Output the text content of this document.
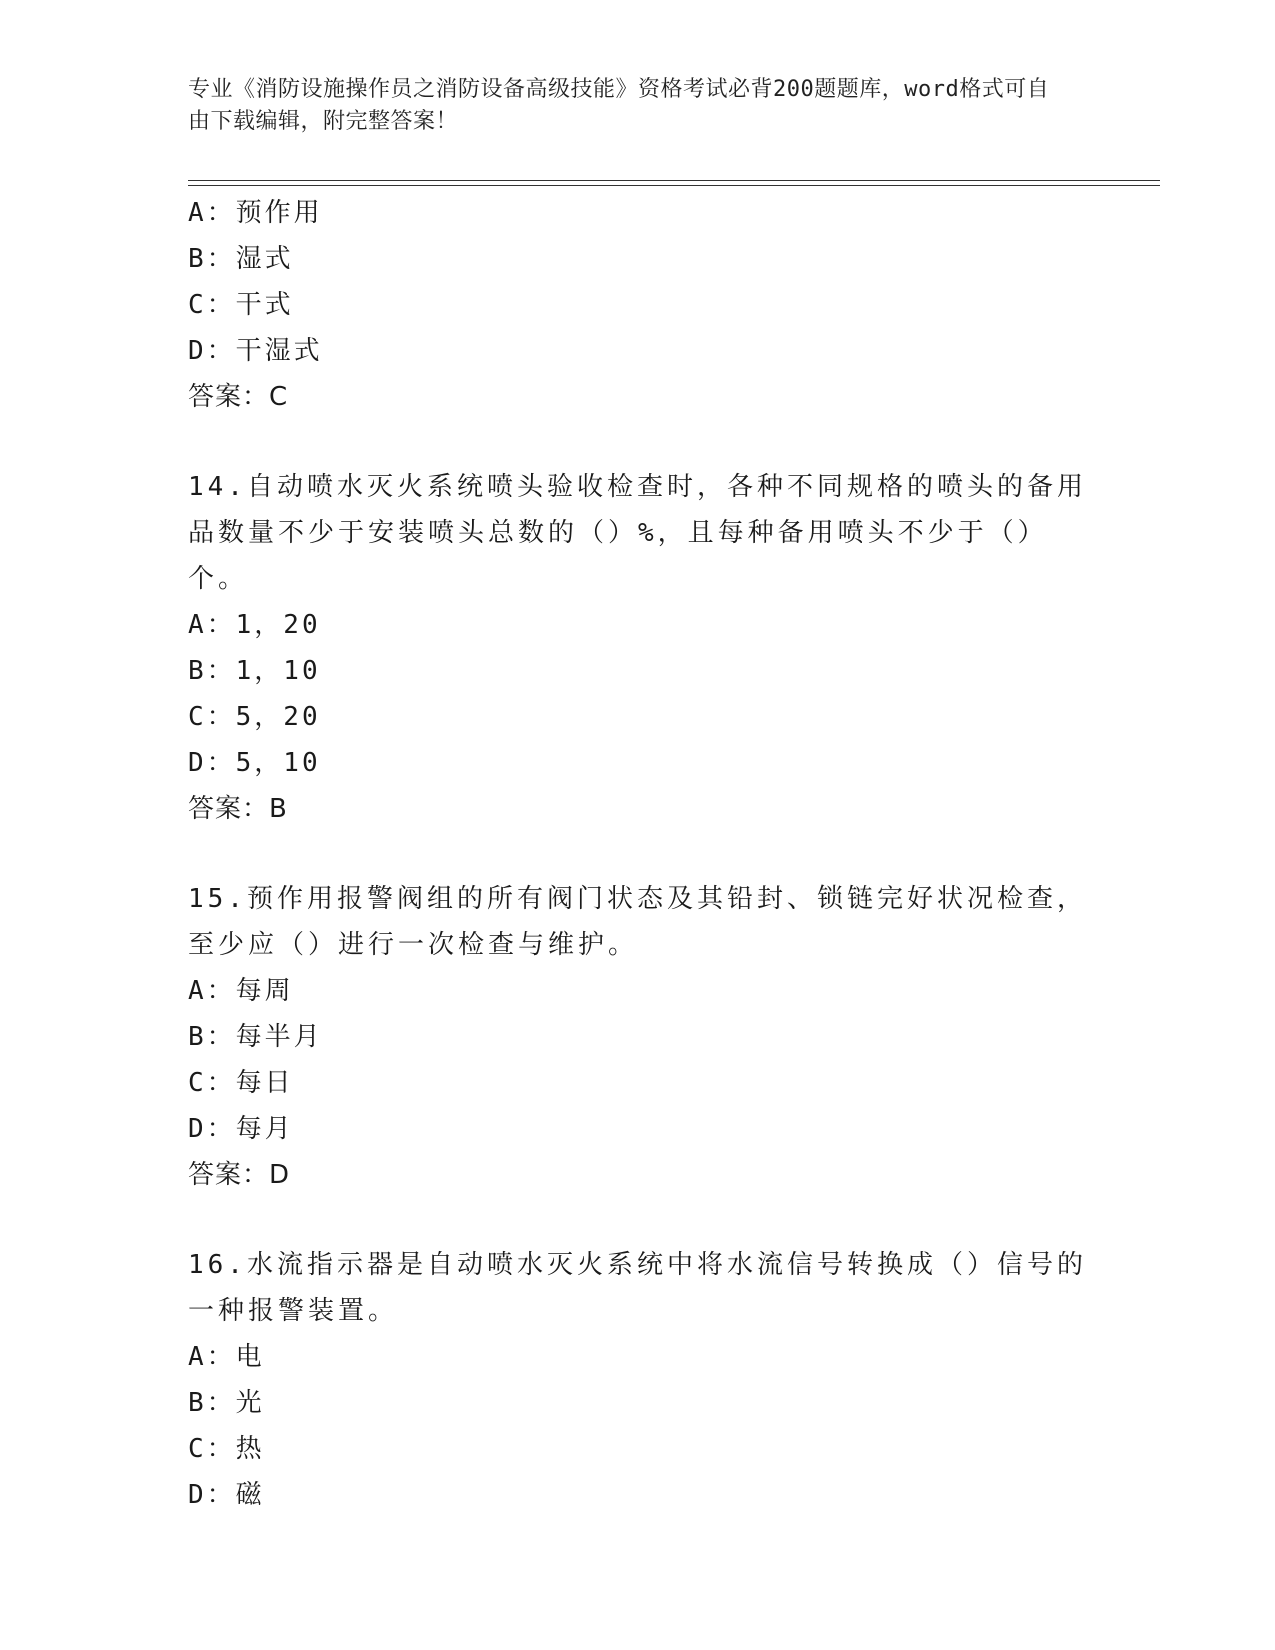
专业《消防设施操作员之消防设备高级技能》资格考试必背200题题库，word格式可自由下载编辑，附完整答案！
A：预作用
B：湿式
C：干式
D：干湿式
答案：C
14.自动喷水灭火系统喷头验收检查时，各种不同规格的喷头的备用品数量不少于安装喷头总数的（）%，且每种备用喷头不少于（）个。
A：1，20
B：1，10
C：5，20
D：5，10
答案：B
15.预作用报警阀组的所有阀门状态及其铅封、锁链完好状况检查，至少应（）进行一次检查与维护。
A：每周
B：每半月
C：每日
D：每月
答案：D
16.水流指示器是自动喷水灭火系统中将水流信号转换成（）信号的一种报警装置。
A：电
B：光
C：热
D：磁
